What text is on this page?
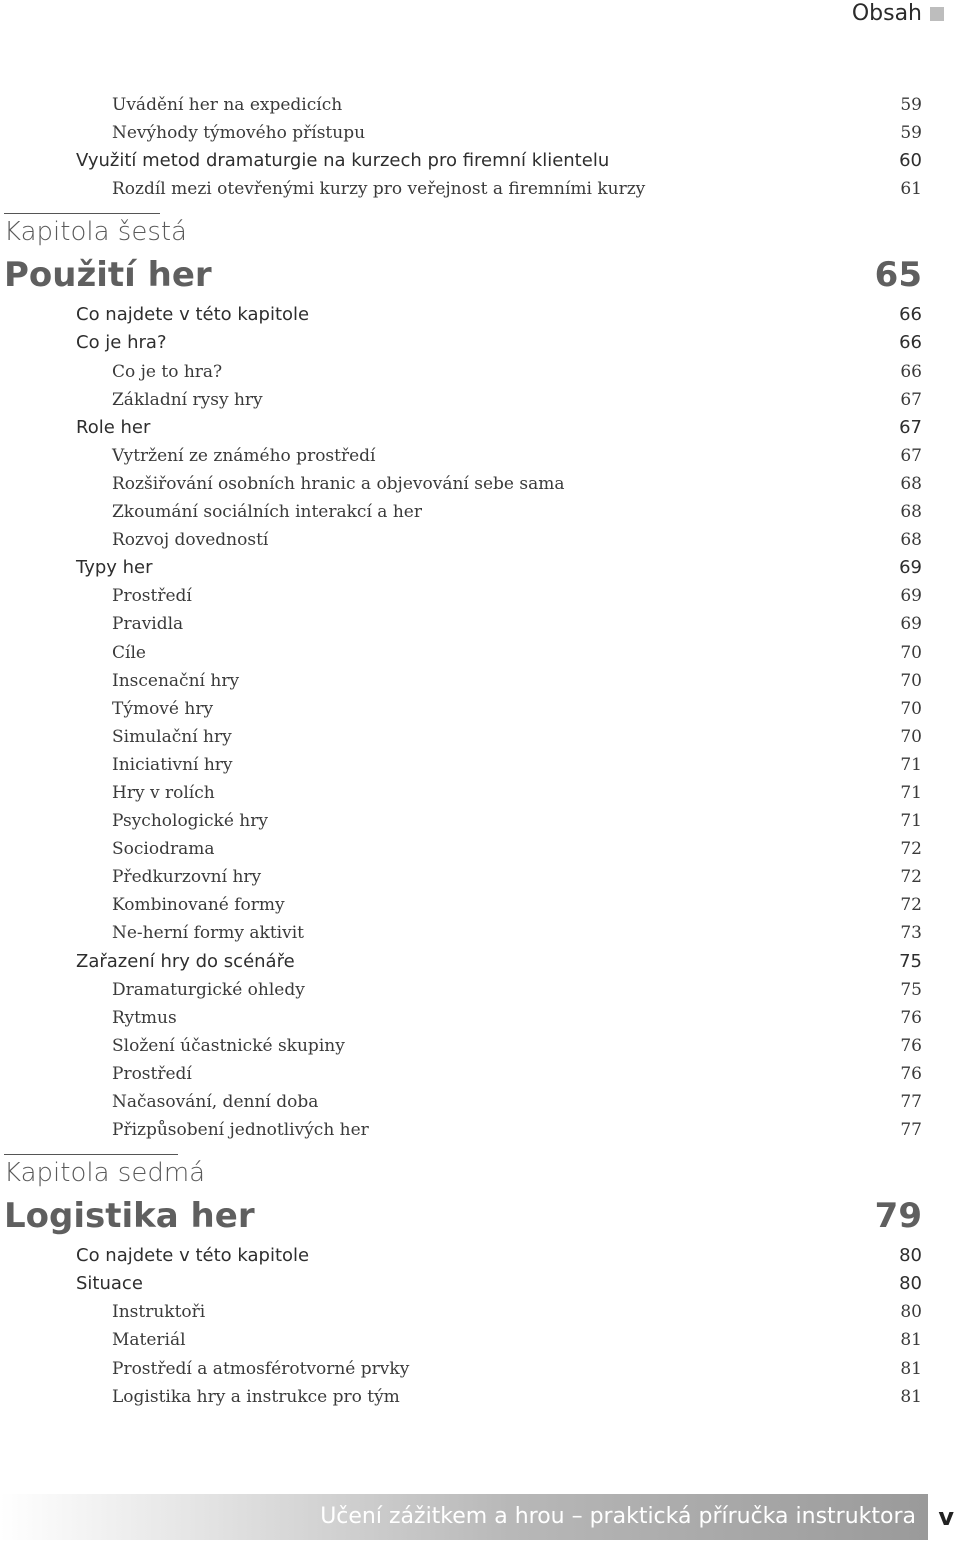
Obsah
Uvádění her na expedicích	59
Nevýhody týmového přístupu	59
Využití metod dramaturgie na kurzech pro firemní klientelu	60
Rozdíl mezi otevřenými kurzy pro veřejnost a firemními kurzy	61
Kapitola šestá
Použití her	65
Co najdete v této kapitole	66
Co je hra?	66
Co je to hra?	66
Základní rysy hry	67
Role her	67
Vytržení ze známého prostředí	67
Rozšiřování osobních hranic a objevování sebe sama	68
Zkoumání sociálních interakcí a her	68
Rozvoj dovedností	68
Typy her	69
Prostředí	69
Pravidla	69
Cíle	70
Inscenační hry	70
Týmové hry	70
Simulační hry	70
Iniciativní hry	71
Hry v rolích	71
Psychologické hry	71
Sociodrama	72
Předkurzovní hry	72
Kombinované formy	72
Ne-herní formy aktivit	73
Zařazení hry do scénáře	75
Dramaturgické ohledy	75
Rytmus	76
Složení účastnické skupiny	76
Prostředí	76
Načasování, denní doba	77
Přizpůsobení jednotlivých her	77
Kapitola sedmá
Logistika her	79
Co najdete v této kapitole	80
Situace	80
Instruktoři	80
Materiál	81
Prostředí a atmosférotvorné prvky	81
Logistika hry a instrukce pro tým	81
Učení zážitkem a hrou – praktická příručka instruktora v
